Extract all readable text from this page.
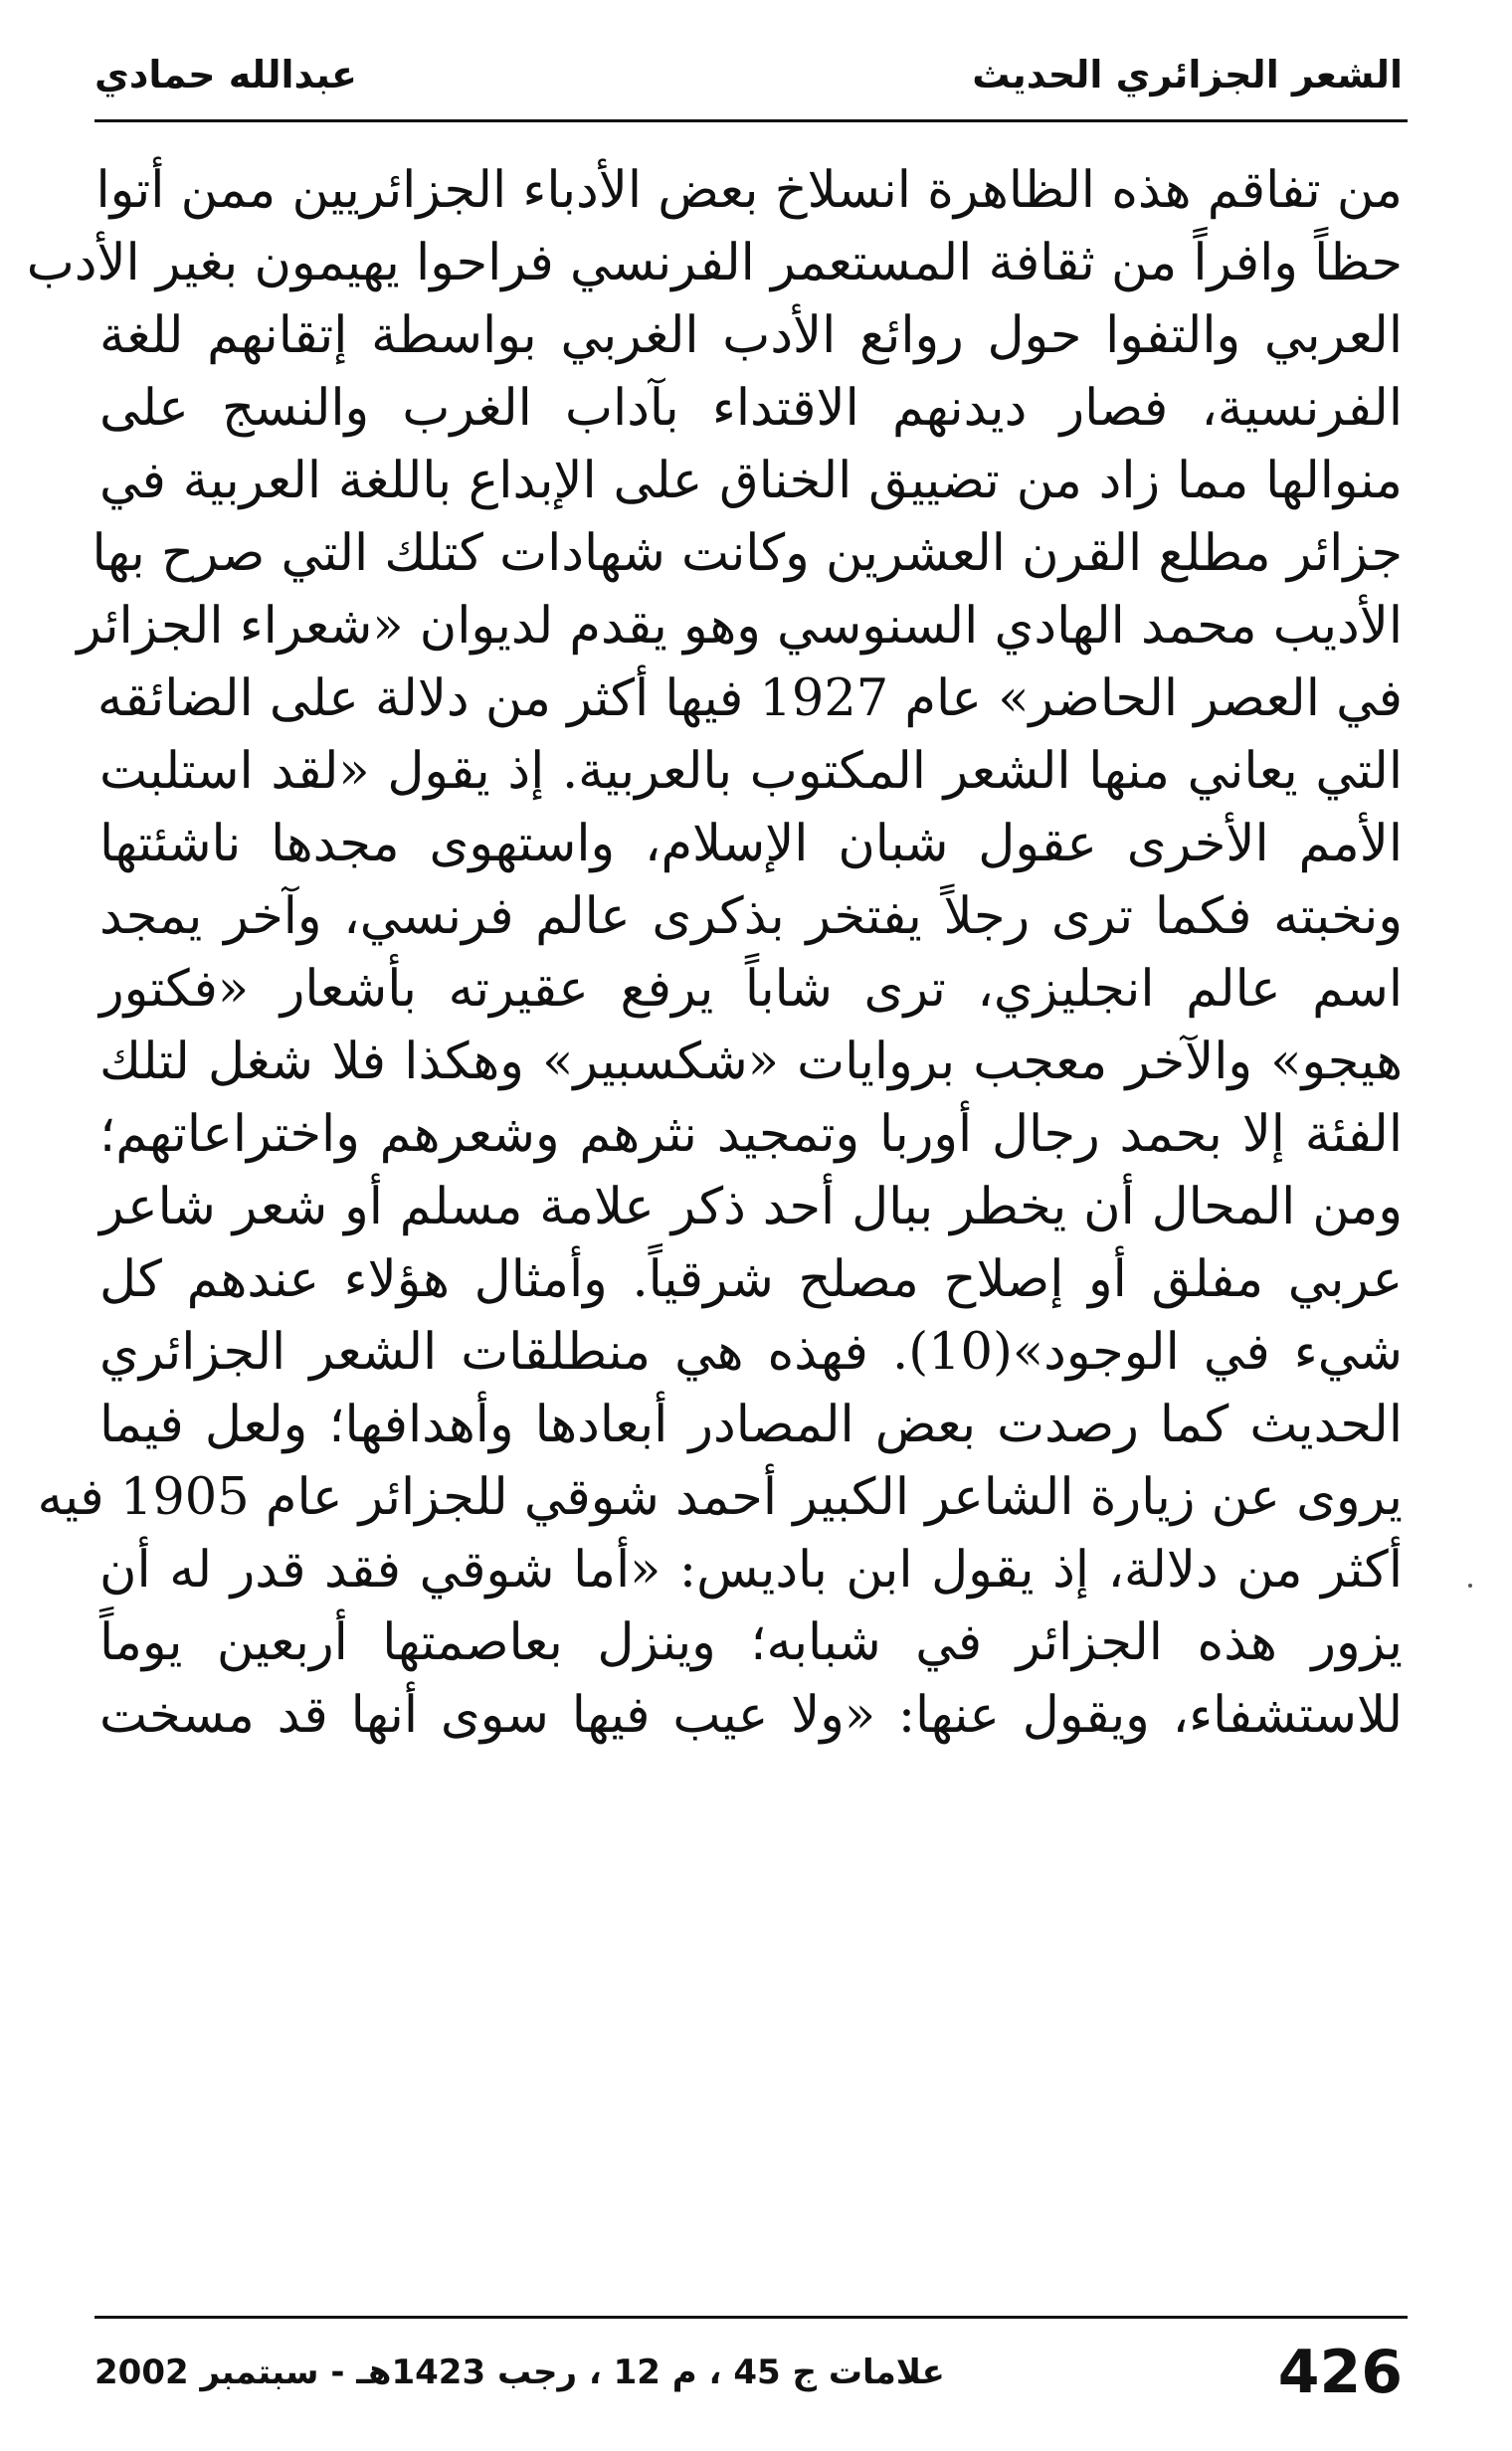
الشعر الجزائري الحديث
عبدالله حمادي
من تفاقم هذه الظاهرة انسلاخ بعض الأدباء الجزائريين ممن أتوا
حظاً وافراً من ثقافة المستعمر الفرنسي فراحوا يهيمون بغير الأدب
العربي والتفوا حول روائع الأدب الغربي بواسطة إتقانهم للغة
الفرنسية، فصار ديدنهم الاقتداء بآداب الغرب والنسج على
منوالها مما زاد من تضييق الخناق على الإبداع باللغة العربية في
جزائر مطلع القرن العشرين وكانت شهادات كتلك التي صرح بها
الأديب محمد الهادي السنوسي وهو يقدم لديوان «شعراء الجزائر
في العصر الحاضر» عام 1927 فيها أكثر من دلالة على الضائقه
التي يعاني منها الشعر المكتوب بالعربية. إذ يقول «لقد استلبت
الأمم الأخرى عقول شبان الإسلام، واستهوى مجدها ناشئتها
ونخبته فكما ترى رجلاً يفتخر بذكرى عالم فرنسي، وآخر يمجد
اسم عالم انجليزي، ترى شاباً يرفع عقيرته بأشعار «فكتور
هيجو» والآخر معجب بروايات «شكسبير» وهكذا فلا شغل لتلك
الفئة إلا بحمد رجال أوربا وتمجيد نثرهم وشعرهم واختراعاتهم؛
ومن المحال أن يخطر ببال أحد ذكر علامة مسلم أو شعر شاعر
عربي مفلق أو إصلاح مصلح شرقياً. وأمثال هؤلاء عندهم كل
شيء في الوجود»(10). فهذه هي منطلقات الشعر الجزائري
الحديث كما رصدت بعض المصادر أبعادها وأهدافها؛ ولعل فيما
يروى عن زيارة الشاعر الكبير أحمد شوقي للجزائر عام 1905 فيه
أكثر من دلالة، إذ يقول ابن باديس: «أما شوقي فقد قدر له أن
يزور هذه الجزائر في شبابه؛ وينزل بعاصمتها أربعين يوماً
للاستشفاء، ويقول عنها: «ولا عيب فيها سوى أنها قد مسخت
علامات ج 45 ، م 12 ، رجب 1423هـ - سبتمبر 2002	426
